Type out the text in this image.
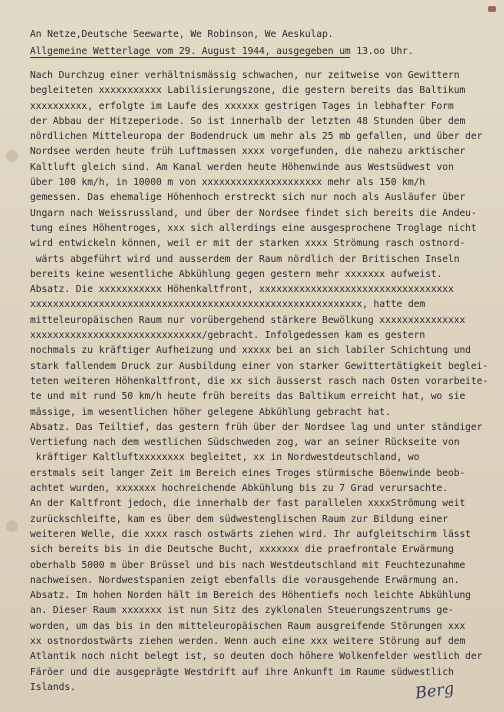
An Netze,Deutsche Seewarte, We Robinson, We Aeskulap.
Allgemeine Wetterlage vom 29. August 1944, ausgegeben um 13.oo Uhr.
Nach Durchzug einer verhältnismässig schwachen, nur zeitweise von Gewittern
begleiteten xxxxxxxxxxx Labilisierungszone, die gestern bereits das Baltikum
xxxxxxxxxx, erfolgte im Laufe des xxxxxx gestrigen Tages in lebhafter Form
der Abbau der Hitzeperiode. So ist innerhalb der letzten 48 Stunden über dem
nördlichen Mitteleuropa der Bodendruck um mehr als 25 mb gefallen, und über der
Nordsee werden heute früh Luftmassen xxxx vorgefunden, die nahezu arktischer
Kaltluft gleich sind. Am Kanal werden heute Höhenwinde aus Westsüdwest von
über 100 km/h, in 10000 m von xxxxxxxxxxxxxxxxxxxxx mehr als 150 km/h
gemessen. Das ehemalige Höhenhoch erstreckt sich nur noch als Ausläufer über
Ungarn nach Weissrussland, und über der Nordsee findet sich bereits die Andeu-
tung eines Höhentroges, xxx sich allerdings eine ausgesprochene Troglage nicht
wird entwickeln können, weil er mit der starken xxxx Strömung rasch ostnord-
wärts abgeführt wird und ausserdem der Raum nördlich der Britischen Inseln
bereits keine wesentliche Abkühlung gegen gestern mehr xxxxxxx aufweist.
Absatz. Die xxxxxxxxxxx Höhenkaltfront, xxxxxxxxxxxxxxxxxxxxxxxxxxxxxxxxxx
xxxxxxxxxxxxxxxxxxxxxxxxxxxxxxxxxxxxxxxxxxxxxxxxxxxxxxxxxx, hatte dem
mitteleuropäischen Raum nur vorübergehend stärkere Bewölkung xxxxxxxxxxxxxxx
xxxxxxxxxxxxxxxxxxxxxxxxxxxxxx/gebracht. Infolgedessen kam es gestern
nochmals zu kräftiger Aufheizung und xxxxx bei an sich labiler Schichtung und
stark fallendem Druck zur Ausbildung einer von starker Gewittertätigkeit beglei-
teten weiteren Höhenkaltfront, die xx sich äusserst rasch nach Osten vorarbeite-
te und mit rund 50 km/h heute früh bereits das Baltikum erreicht hat, wo sie
mässige, im wesentlichen höher gelegene Abkühlung gebracht hat.
Absatz. Das Teiltief, das gestern früh über der Nordsee lag und unter ständiger
Vertiefung nach dem westlichen Südschweden zog, war an seiner Rückseite von
kräftiger Kaltluftxxxxxxxx begleitet, xx in Nordwestdeutschland, wo
erstmals seit langer Zeit im Bereich eines Troges stürmische Böenwinde beob-
achtet wurden, xxxxxxx hochreichende Abkühlung bis zu 7 Grad verursachte.
An der Kaltfront jedoch, die innerhalb der fast parallelen xxxxStrömung weit
zurückschleifte, kam es über dem südwestenglischen Raum zur Bildung einer
weiteren Welle, die xxxx rasch ostwärts ziehen wird. Ihr aufgleitschirm lässt
sich bereits bis in die Deutsche Bucht, xxxxxxx die praefrontale Erwärmung
oberhalb 5000 m über Brüssel und bis nach Westdeutschland mit Feuchtezunahme
nachweisen. Nordwestspanien zeigt ebenfalls die vorausgehende Erwärmung an.
Absatz. Im hohen Norden hält im Bereich des Höhentiefs noch leichte Abkühlung
an. Dieser Raum xxxxxxx ist nun Sitz des zyklonalen Steuerungszentrums ge-
worden, um das bis in den mitteleuropäischen Raum ausgreifende Störungen xxx
xx ostnordostwärts ziehen werden. Wenn auch eine xxx weitere Störung auf dem
Atlantik noch nicht belegt ist, so deuten doch höhere Wolkenfelder westlich der
Färöer und die ausgeprägte Westdrift auf ihre Ankunft im Raume südwestlich
Islands.	Berg
